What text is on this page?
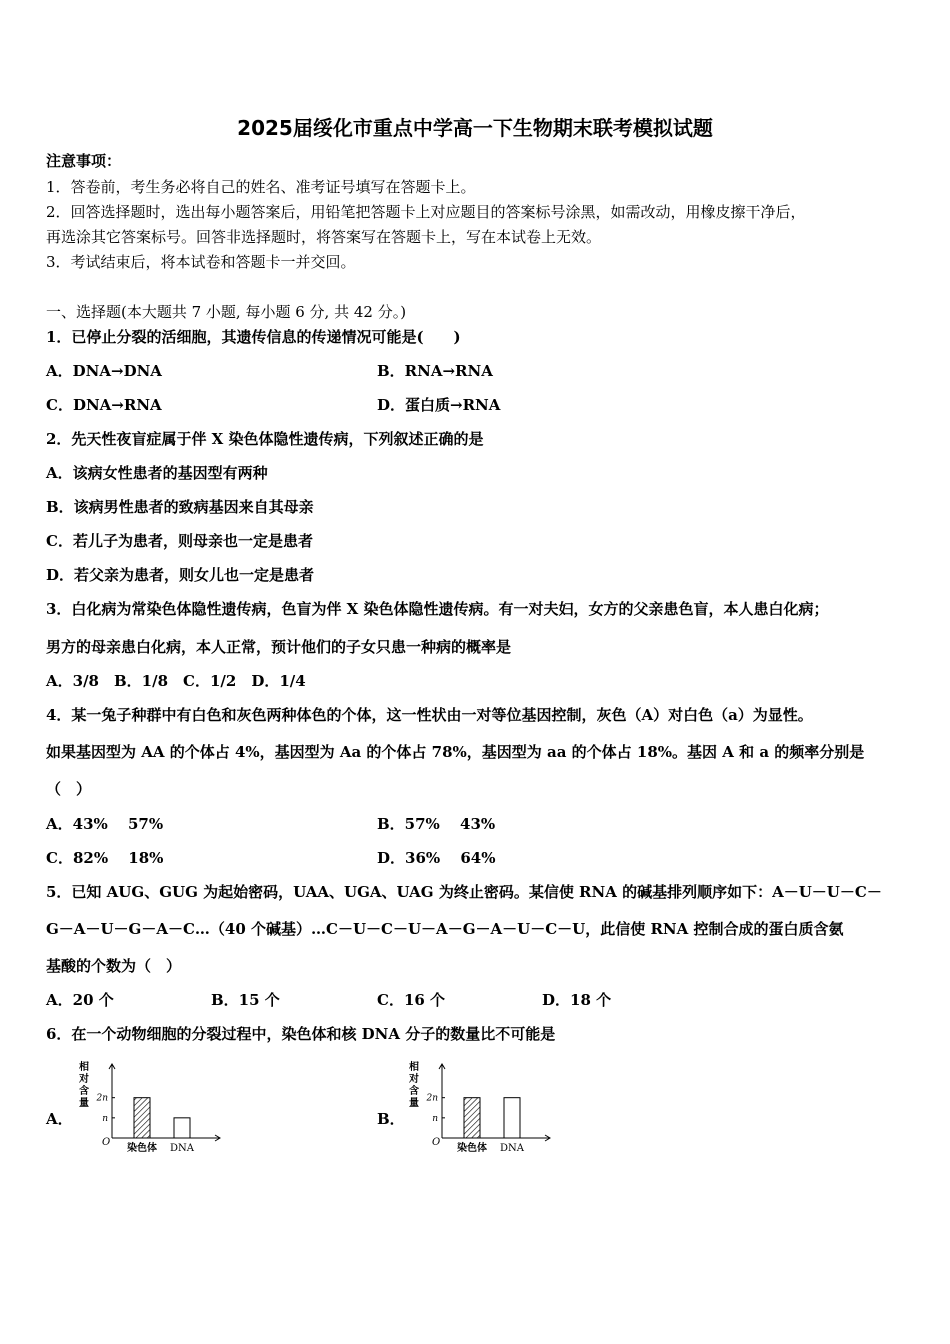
2025届绥化市重点中学高一下生物期末联考模拟试题
注意事项：
1．答卷前，考生务必将自己的姓名、准考证号填写在答题卡上。
2．回答选择题时，选出每小题答案后，用铅笔把答题卡上对应题目的答案标号涂黑，如需改动，用橡皮擦干净后，
再选涂其它答案标号。回答非选择题时，将答案写在答题卡上，写在本试卷上无效。
3．考试结束后，将本试卷和答题卡一并交回。
一、选择题(本大题共 7 小题, 每小题 6 分, 共 42 分。)
1．已停止分裂的活细胞，其遗传信息的传递情况可能是(　　)
A．DNA→DNA	B．RNA→RNA
C．DNA→RNA	D．蛋白质→RNA
2．先天性夜盲症属于伴 X 染色体隐性遗传病，下列叙述正确的是
A．该病女性患者的基因型有两种
B．该病男性患者的致病基因来自其母亲
C．若儿子为患者，则母亲也一定是患者
D．若父亲为患者，则女儿也一定是患者
3．白化病为常染色体隐性遗传病，色盲为伴 X 染色体隐性遗传病。有一对夫妇，女方的父亲患色盲，本人患白化病；
男方的母亲患白化病，本人正常，预计他们的子女只患一种病的概率是
A．3/8　B．1/8　C．1/2　D．1/4
4．某一兔子种群中有白色和灰色两种体色的个体，这一性状由一对等位基因控制，灰色（A）对白色（a）为显性。
如果基因型为 AA 的个体占 4%，基因型为 Aa 的个体占 78%，基因型为 aa 的个体占 18%。基因 A 和 a 的频率分别是
（　）
A．43%　 57%	B．57%　 43%
C．82%　 18%	D．36%　 64%
5．已知 AUG、GUG 为起始密码，UAA、UGA、UAG 为终止密码。某信使 RNA 的碱基排列顺序如下：A－U－U－C－
G－A－U－G－A－C…（40 个碱基）…C－U－C－U－A－G－A－U－C－U，此信使 RNA 控制合成的蛋白质含氨
基酸的个数为（　）
A．20 个	B．15 个	C．16 个	D．18 个
6．在一个动物细胞的分裂过程中，染色体和核 DNA 分子的数量比不可能是
A．	B．
相
对
含
量
O
n
2n
染色体 DNA
相
对
含
量
O
n
2n
染色体 DNA
